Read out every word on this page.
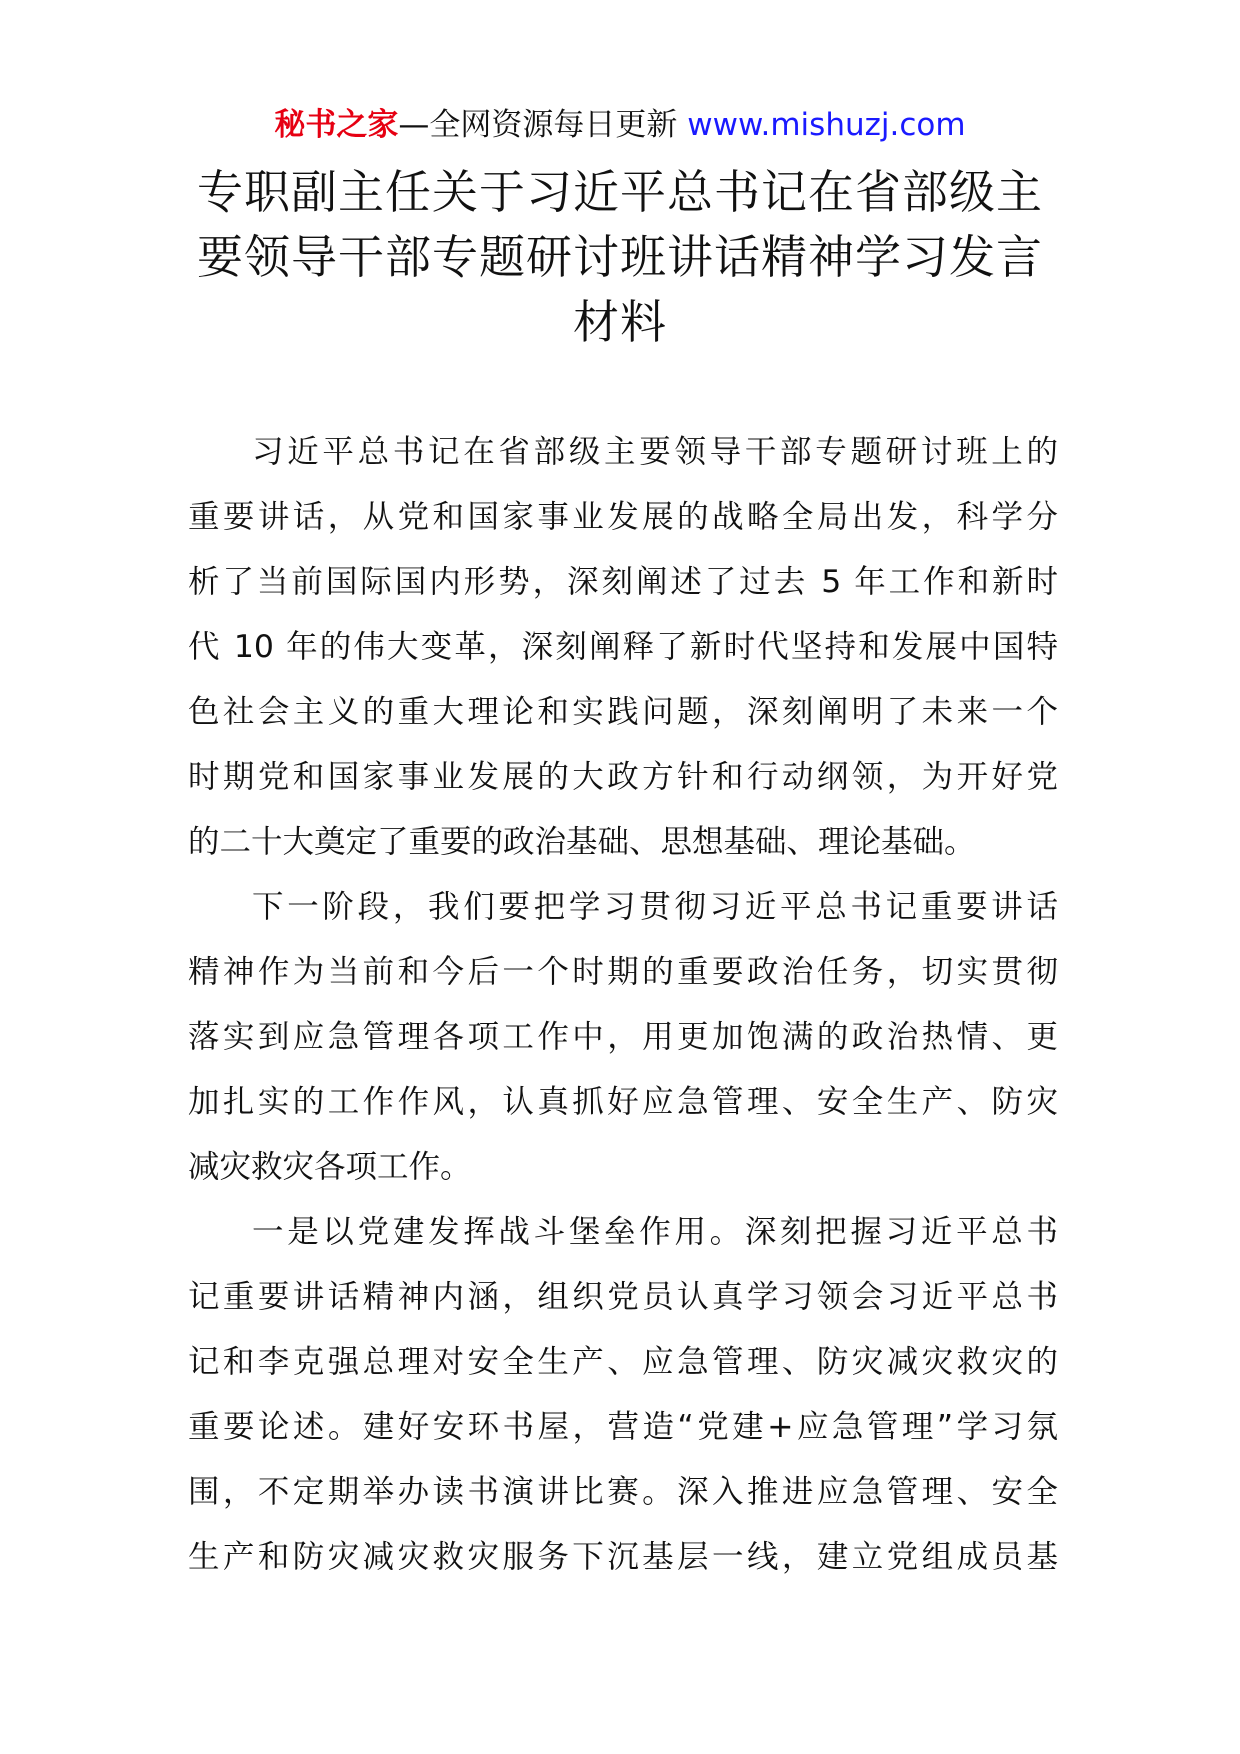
秘书之家—全网资源每日更新 www.mishuzj.com
专职副主任关于习近平总书记在省部级主
要领导干部专题研讨班讲话精神学习发言
材料

习近平总书记在省部级主要领导干部专题研讨班上的
重要讲话，从党和国家事业发展的战略全局出发，科学分
析了当前国际国内形势，深刻阐述了过去 5 年工作和新时
代 10 年的伟大变革，深刻阐释了新时代坚持和发展中国特
色社会主义的重大理论和实践问题，深刻阐明了未来一个
时期党和国家事业发展的大政方针和行动纲领，为开好党
的二十大奠定了重要的政治基础、思想基础、理论基础。

下一阶段，我们要把学习贯彻习近平总书记重要讲话
精神作为当前和今后一个时期的重要政治任务，切实贯彻
落实到应急管理各项工作中，用更加饱满的政治热情、更
加扎实的工作作风，认真抓好应急管理、安全生产、防灾
减灾救灾各项工作。

一是以党建发挥战斗堡垒作用。深刻把握习近平总书
记重要讲话精神内涵，组织党员认真学习领会习近平总书
记和李克强总理对安全生产、应急管理、防灾减灾救灾的
重要论述。建好安环书屋，营造“党建+应急管理”学习氛
围，不定期举办读书演讲比赛。深入推进应急管理、安全
生产和防灾减灾救灾服务下沉基层一线，建立党组成员基
